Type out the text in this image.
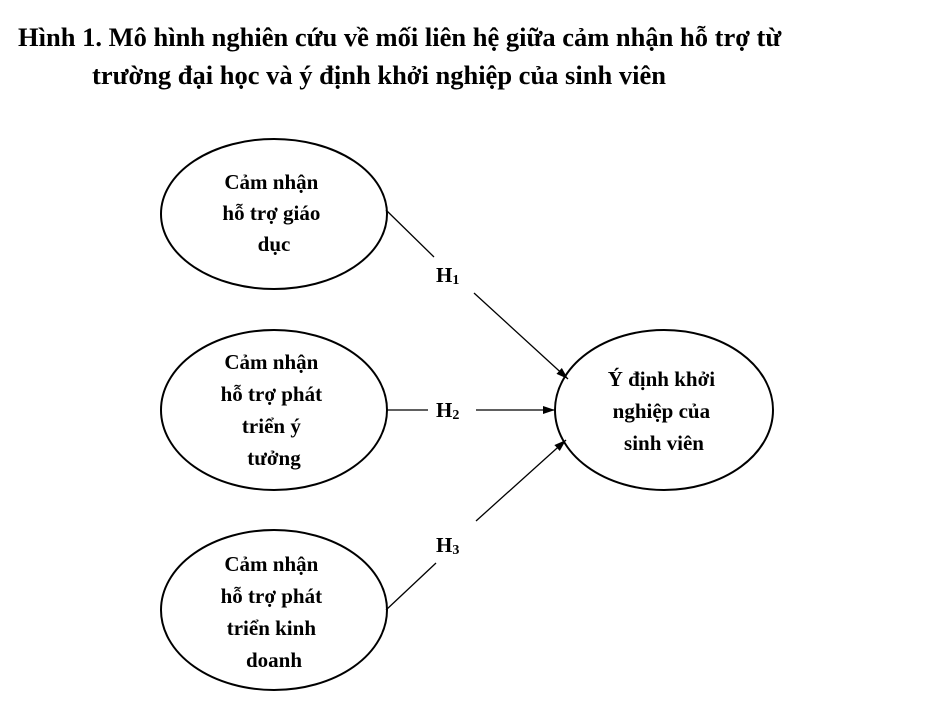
Hình 1. Mô hình nghiên cứu về mối liên hệ giữa cảm nhận hỗ trợ từ
trường đại học và ý định khởi nghiệp của sinh viên
Cảm nhận hỗ trợ giáo dục
Cảm nhận hỗ trợ phát triển ý tưởng
Cảm nhận hỗ trợ phát triển kinh doanh
Ý định khởi nghiệp của sinh viên
H1
H2
H3
